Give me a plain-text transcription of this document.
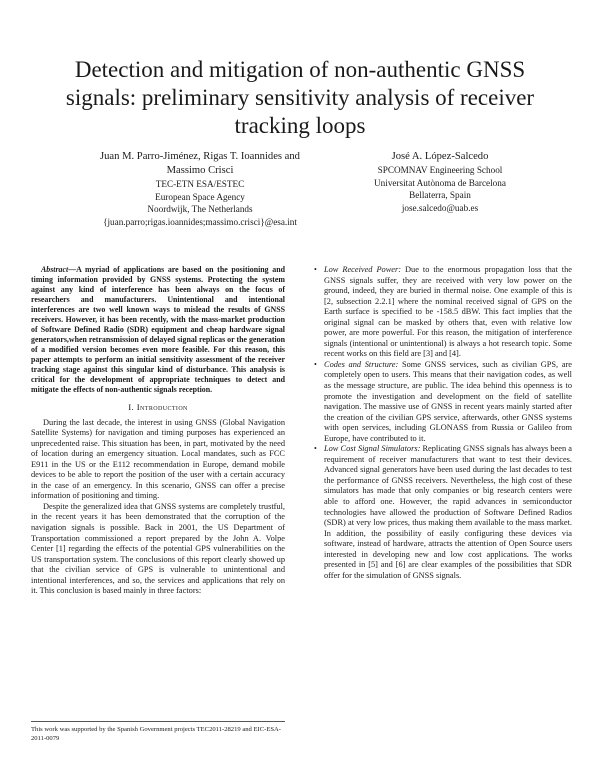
Detection and mitigation of non-authentic GNSS signals: preliminary sensitivity analysis of receiver tracking loops
Juan M. Parro-Jiménez, Rigas T. Ioannides and Massimo Crisci
TEC-ETN ESA/ESTEC
European Space Agency
Noordwijk, The Netherlands
{juan.parro;rigas.ioannides;massimo.crisci}@esa.int
José A. López-Salcedo
SPCOMNAV Engineering School
Universitat Autònoma de Barcelona
Bellaterra, Spain
jose.salcedo@uab.es

Abstract—A myriad of applications are based on the positioning and timing information provided by GNSS systems. Protecting the system against any kind of interference has been always on the focus of researchers and manufacturers. Unintentional and intentional interferences are two well known ways to mislead the results of GNSS receivers. However, it has been recently, with the mass-market production of Software Defined Radio (SDR) equipment and cheap hardware signal generators,when retransmission of delayed signal replicas or the generation of a modified version becomes even more feasible. For this reason, this paper attempts to perform an initial sensitivity assessment of the receiver tracking stage against this singular kind of disturbance. This analysis is critical for the development of appropriate techniques to detect and mitigate the effects of non-authentic signals reception.

I. Introduction

During the last decade, the interest in using GNSS (Global Navigation Satellite Systems) for navigation and timing purposes has experienced an unprecedented raise. This situation has been, in part, motivated by the need of location during an emergency situation. Local mandates, such as FCC E911 in the US or the E112 recommendation in Europe, demand mobile devices to be able to report the position of the user with a certain accuracy in the case of an emergency. In this scenario, GNSS can offer a precise information of positioning and timing.

Despite the generalized idea that GNSS systems are completely trustful, in the recent years it has been demonstrated that the corruption of the navigation signals is possible. Back in 2001, the US Department of Transportation commissioned a report prepared by the John A. Volpe Center [1] regarding the effects of the potential GPS vulnerabilities on the US transportation system. The conclusions of this report clearly showed up that the civilian service of GPS is vulnerable to unintentional and intentional interferences, and so, the services and applications that rely on it. This conclusion is based mainly in three factors:

This work was supported by the Spanish Government projects TEC2011-28219 and EIC-ESA-2011-0079
• Low Received Power: Due to the enormous propagation loss that the GNSS signals suffer, they are received with very low power on the ground, indeed, they are buried in thermal noise. One example of this is [2, subsection 2.2.1] where the nominal received signal of GPS on the Earth surface is specified to be -158.5 dBW. This fact implies that the original signal can be masked by others that, even with relative low power, are more powerful. For this reason, the mitigation of interference signals (intentional or unintentional) is always a hot research topic. Some recent works on this field are [3] and [4].
• Codes and Structure: Some GNSS services, such as civilian GPS, are completely open to users. This means that their navigation codes, as well as the message structure, are public. The idea behind this openness is to promote the investigation and development on the field of satellite navigation. The massive use of GNSS in recent years mainly started after the creation of the civilian GPS service, afterwards, other GNSS systems with open services, including GLONASS from Russia or Galileo from Europe, have contributed to it.
• Low Cost Signal Simulators: Replicating GNSS signals has always been a requirement of receiver manufacturers that want to test their devices. Advanced signal generators have been used during the last decades to test the performance of GNSS receivers. Nevertheless, the high cost of these simulators has made that only companies or big research centers were able to afford one. However, the rapid advances in semiconductor technologies have allowed the production of Software Defined Radios (SDR) at very low prices, thus making them available to the mass market. In addition, the possibility of easily configuring these devices via software, instead of hardware, attracts the attention of Open Source users interested in developing new and low cost applications. The works presented in [5] and [6] are clear examples of the possibilities that SDR offer for the simulation of GNSS signals.
